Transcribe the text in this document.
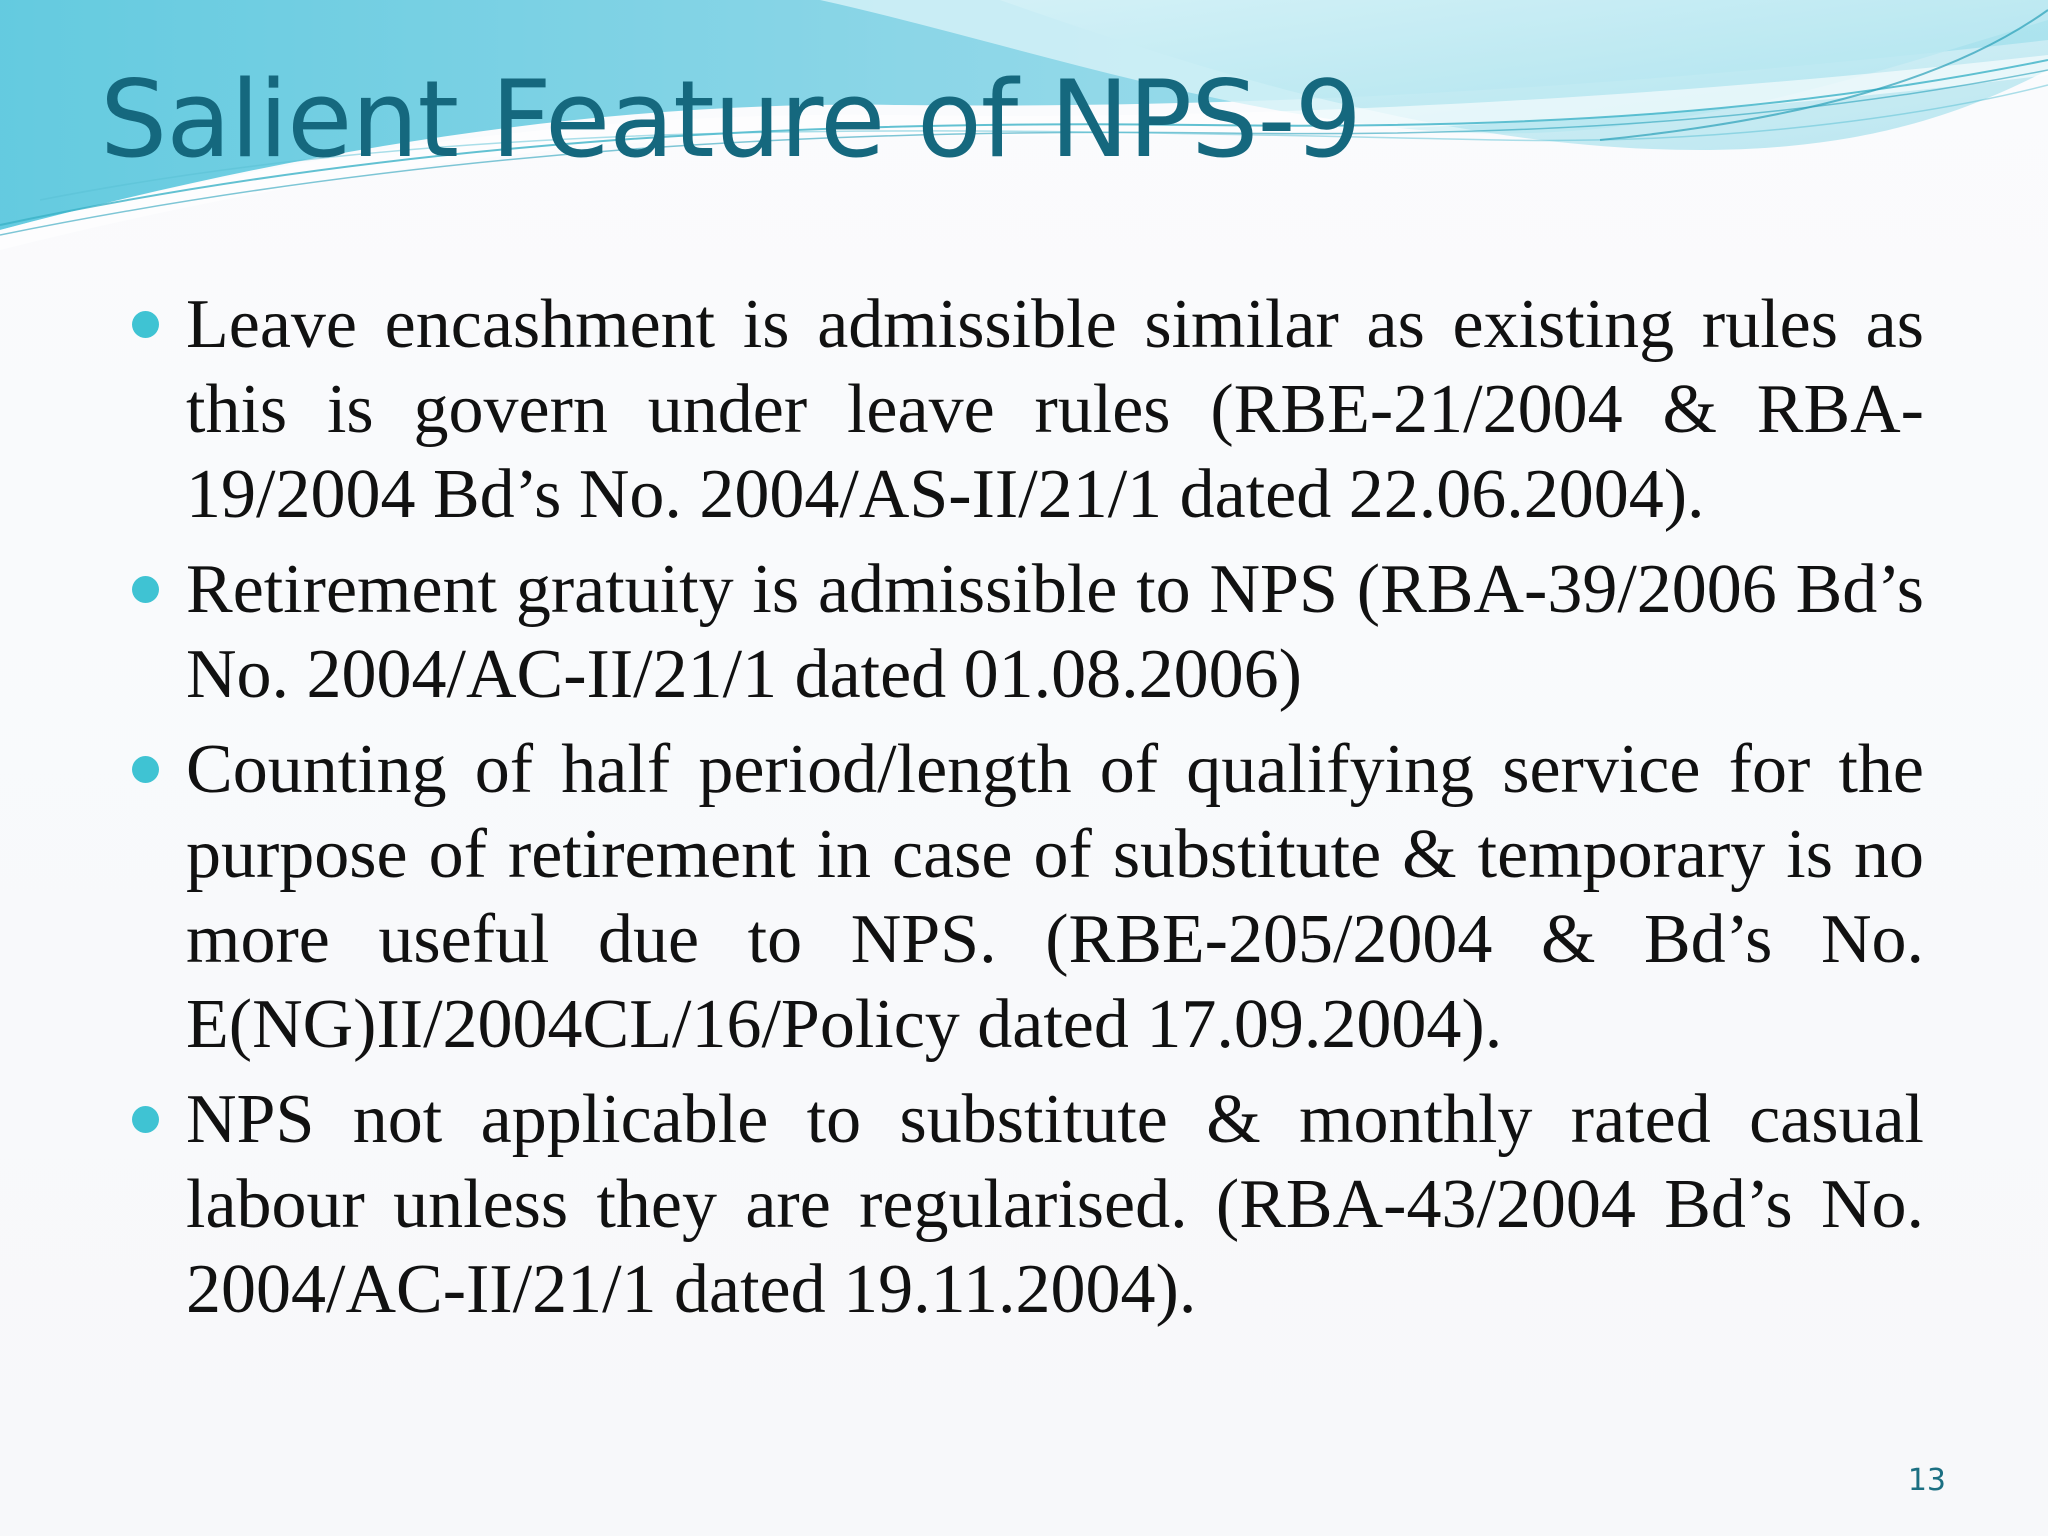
Salient Feature of NPS-9
Leave encashment is admissible similar as existing rules as this is govern under leave rules (RBE-21/2004 & RBA-19/2004 Bd’s No. 2004/AS-II/21/1 dated 22.06.2004).
Retirement gratuity is admissible to NPS (RBA-39/2006 Bd’s No. 2004/AC-II/21/1 dated 01.08.2006)
Counting of half period/length of qualifying service for the purpose of retirement in case of substitute & temporary is no more useful due to NPS. (RBE-205/2004 & Bd’s No. E(NG)II/2004CL/16/Policy dated 17.09.2004).
NPS not applicable to substitute & monthly rated casual labour unless they are regularised. (RBA-43/2004 Bd’s No. 2004/AC-II/21/1 dated 19.11.2004).
13
